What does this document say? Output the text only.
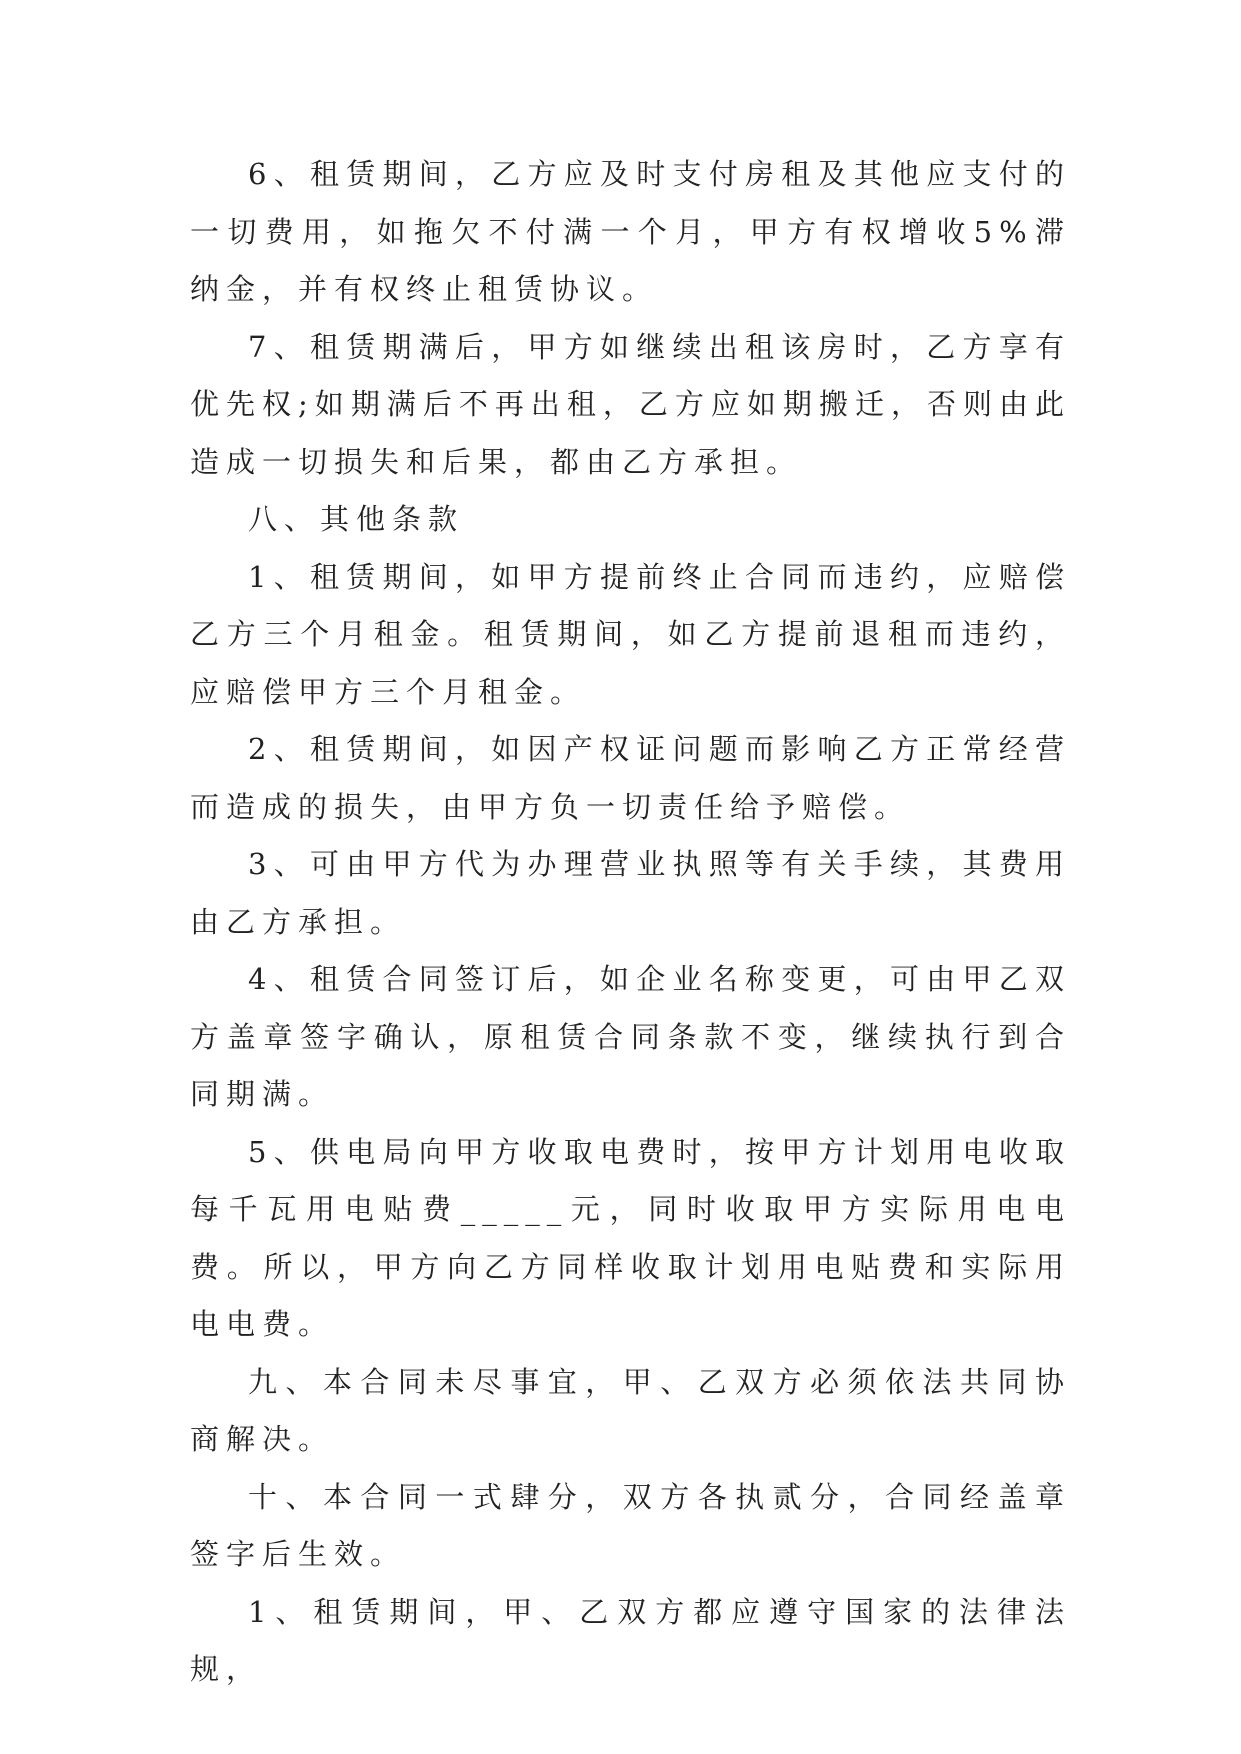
6、租赁期间，乙方应及时支付房租及其他应支付的一切费用，如拖欠不付满一个月，甲方有权增收5%滞纳金，并有权终止租赁协议。

7、租赁期满后，甲方如继续出租该房时，乙方享有优先权;如期满后不再出租，乙方应如期搬迁，否则由此造成一切损失和后果，都由乙方承担。

八、其他条款

1、租赁期间，如甲方提前终止合同而违约，应赔偿乙方三个月租金。租赁期间，如乙方提前退租而违约，应赔偿甲方三个月租金。

2、租赁期间，如因产权证问题而影响乙方正常经营而造成的损失，由甲方负一切责任给予赔偿。

3、可由甲方代为办理营业执照等有关手续，其费用由乙方承担。

4、租赁合同签订后，如企业名称变更，可由甲乙双方盖章签字确认，原租赁合同条款不变，继续执行到合同期满。

5、供电局向甲方收取电费时，按甲方计划用电收取每千瓦用电贴费_____元，同时收取甲方实际用电电费。所以，甲方向乙方同样收取计划用电贴费和实际用电电费。

九、本合同未尽事宜，甲、乙双方必须依法共同协商解决。

十、本合同一式肆分，双方各执贰分，合同经盖章签字后生效。

1、租赁期间，甲、乙双方都应遵守国家的法律法规，
